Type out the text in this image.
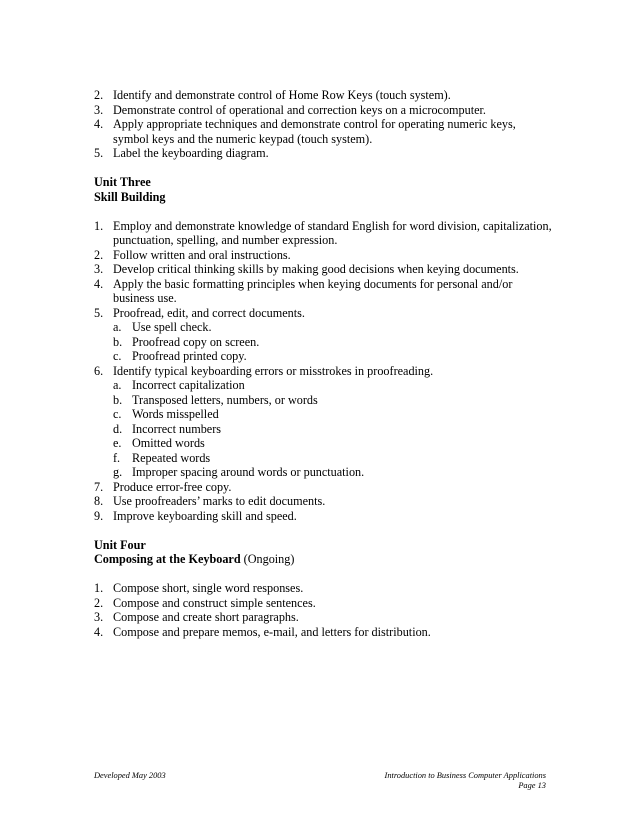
2. Identify and demonstrate control of Home Row Keys (touch system).
3. Demonstrate control of operational and correction keys on a microcomputer.
4. Apply appropriate techniques and demonstrate control for operating numeric keys, symbol keys and the numeric keypad (touch system).
5. Label the keyboarding diagram.
Unit Three
Skill Building
1. Employ and demonstrate knowledge of standard English for word division, capitalization, punctuation, spelling, and number expression.
2. Follow written and oral instructions.
3. Develop critical thinking skills by making good decisions when keying documents.
4. Apply the basic formatting principles when keying documents for personal and/or business use.
5. Proofread, edit, and correct documents.
a. Use spell check.
b. Proofread copy on screen.
c. Proofread printed copy.
6. Identify typical keyboarding errors or misstrokes in proofreading.
a. Incorrect capitalization
b. Transposed letters, numbers, or words
c. Words misspelled
d. Incorrect numbers
e. Omitted words
f. Repeated words
g. Improper spacing around words or punctuation.
7. Produce error-free copy.
8. Use proofreaders’ marks to edit documents.
9. Improve keyboarding skill and speed.
Unit Four
Composing at the Keyboard (Ongoing)
1. Compose short, single word responses.
2. Compose and construct simple sentences.
3. Compose and create short paragraphs.
4. Compose and prepare memos, e-mail, and letters for distribution.
Developed May 2003	Introduction to Business Computer Applications
Page 13
